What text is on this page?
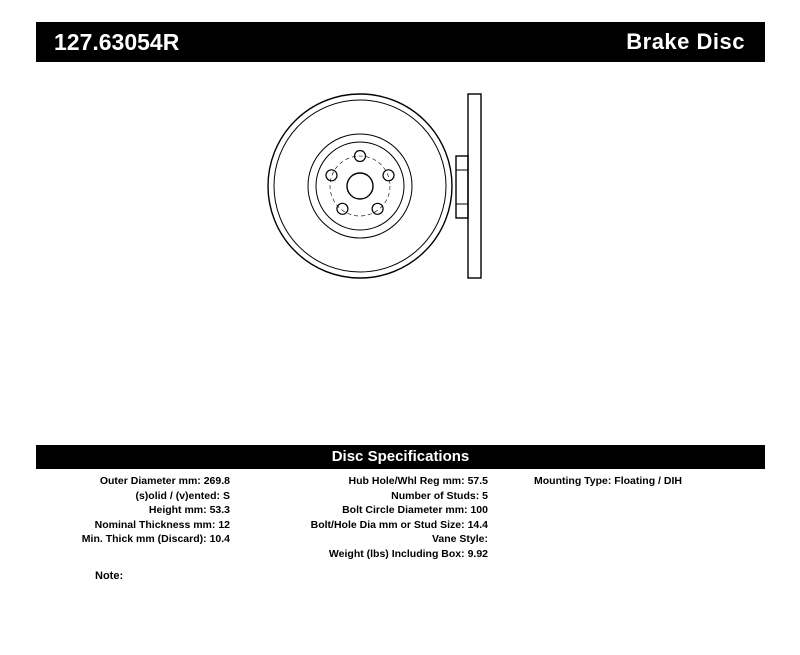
127.63054R	Brake Disc
Disc Specifications
Outer Diameter mm: 269.8
(s)olid / (v)ented: S
Height mm: 53.3
Nominal Thickness mm: 12
Min. Thick mm (Discard): 10.4
Hub Hole/Whl Reg mm: 57.5
Number of Studs: 5
Bolt Circle Diameter mm: 100
Bolt/Hole Dia mm or Stud Size: 14.4
Vane Style:
Weight (lbs) Including Box: 9.92
Mounting Type: Floating / DIH
Note:
